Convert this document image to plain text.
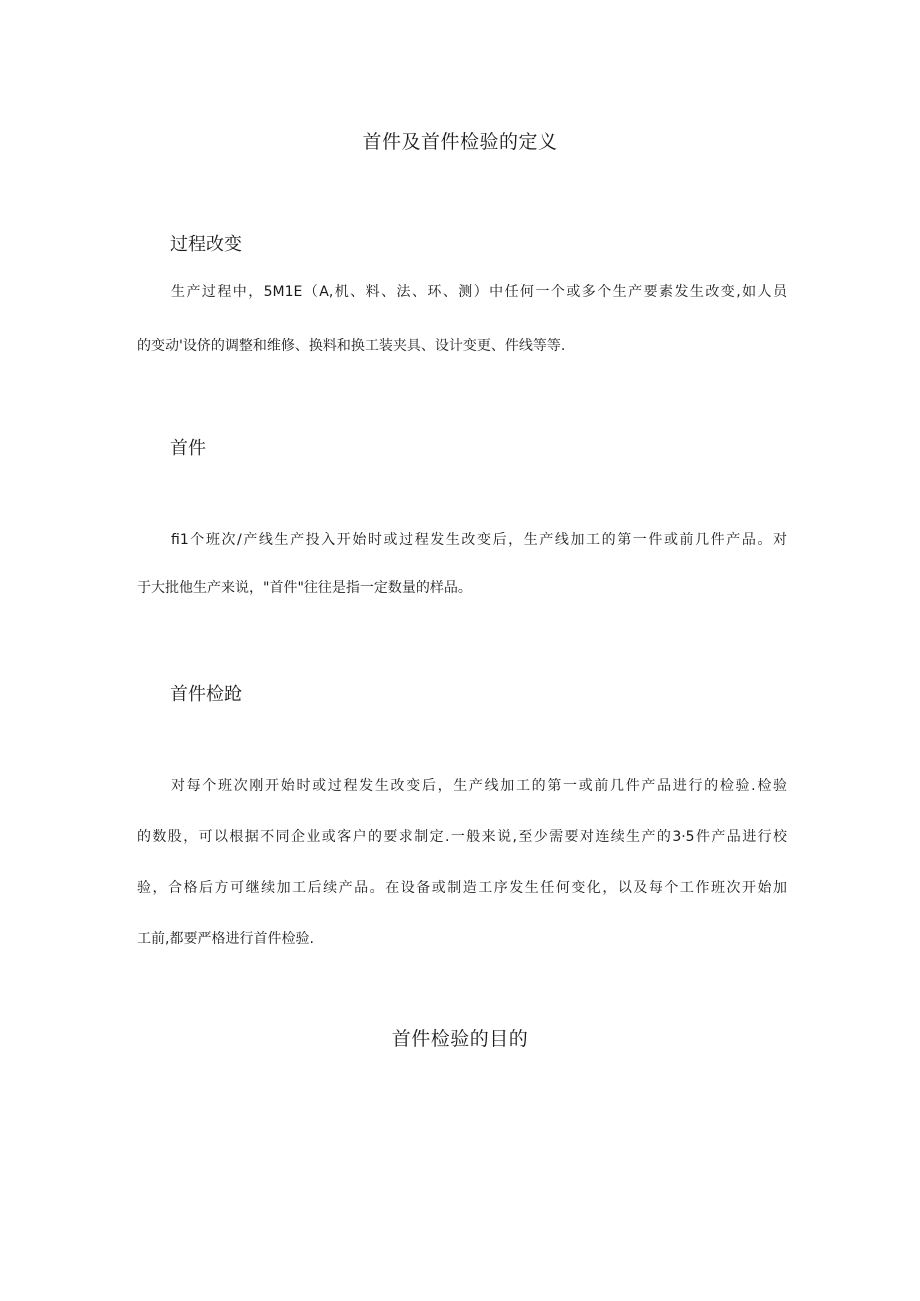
首件及首件检验的定义
过程改变
生产过程中，5M1E（A,机、料、法、环、测）中任何一个或多个生产要素发生改变,如人员
的变动'设侪的调整和维修、换料和换工装夹具、设计变更、件线等等.
首件
fi1个班次/产线生产投入开始时或过程发生改变后，生产线加工的第一件或前几件产品。对
于大批他生产来说，"首件"往往是指一定数量的样品。
首件检跄
对每个班次刚开始时或过程发生改变后，生产线加工的第一或前几件产品进行的检验.检验
的数股，可以根据不同企业或客户的要求制定.一般来说,至少需要对连续生产的3·5件产品进行校
验，合格后方可继续加工后续产品。在设备或制造工序发生任何变化，以及每个工作班次开始加
工前,都要严格进行首件检验.
首件检验的目的
